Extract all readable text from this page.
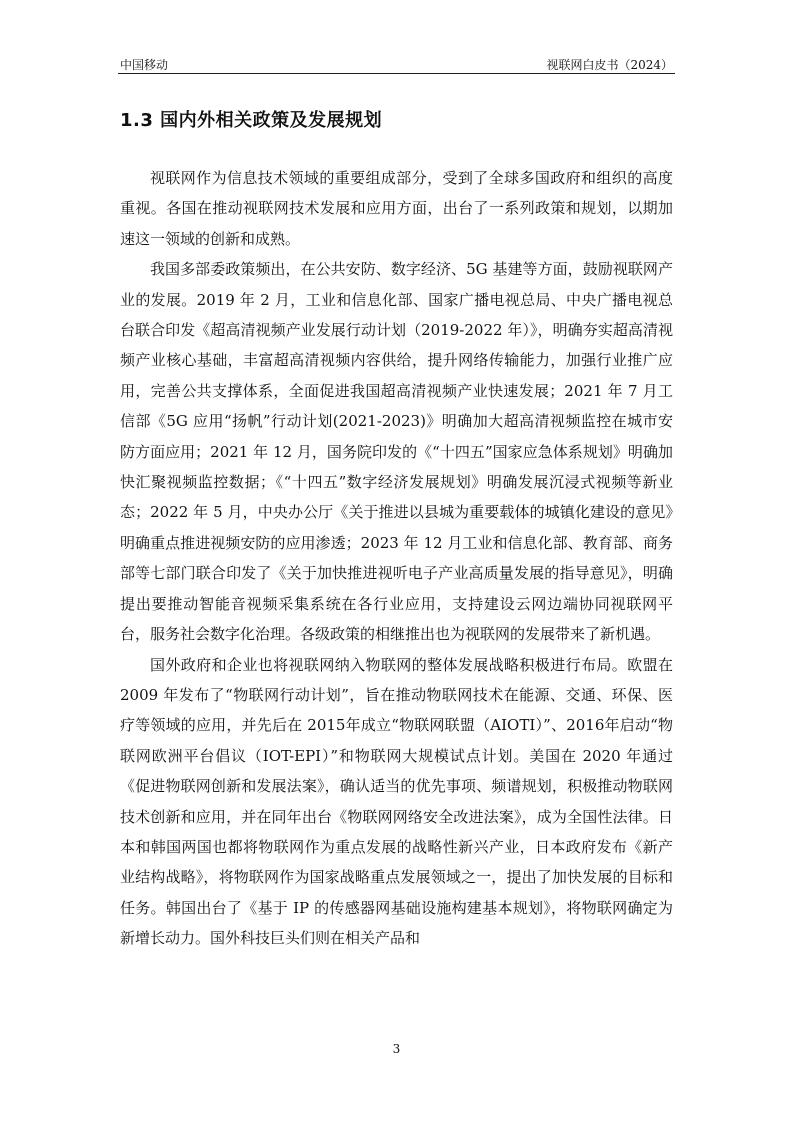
中国移动	视联网白皮书（2024）
1.3 国内外相关政策及发展规划

视联网作为信息技术领域的重要组成部分，受到了全球多国政府和组织的高度重视。各国在推动视联网技术发展和应用方面，出台了一系列政策和规划，以期加速这一领域的创新和成熟。

我国多部委政策频出，在公共安防、数字经济、5G 基建等方面，鼓励视联网产业的发展。2019 年 2 月，工业和信息化部、国家广播电视总局、中央广播电视总台联合印发《超高清视频产业发展行动计划（2019-2022 年）》，明确夯实超高清视频产业核心基础，丰富超高清视频内容供给，提升网络传输能力，加强行业推广应用，完善公共支撑体系，全面促进我国超高清视频产业快速发展；2021 年 7 月工信部《5G 应用“扬帆”行动计划(2021-2023)》明确加大超高清视频监控在城市安防方面应用；2021 年 12 月，国务院印发的《“十四五”国家应急体系规划》明确加快汇聚视频监控数据；《“十四五”数字经济发展规划》明确发展沉浸式视频等新业态；2022 年 5 月，中央办公厅《关于推进以县城为重要载体的城镇化建设的意见》明确重点推进视频安防的应用渗透；2023 年 12 月工业和信息化部、教育部、商务部等七部门联合印发了《关于加快推进视听电子产业高质量发展的指导意见》，明确提出要推动智能音视频采集系统在各行业应用，支持建设云网边端协同视联网平台，服务社会数字化治理。各级政策的相继推出也为视联网的发展带来了新机遇。

国外政府和企业也将视联网纳入物联网的整体发展战略积极进行布局。欧盟在 2009 年发布了“物联网行动计划”，旨在推动物联网技术在能源、交通、环保、医疗等领域的应用，并先后在 2015年成立“物联网联盟（AIOTI）”、2016年启动“物联网欧洲平台倡议（IOT-EPI）”和物联网大规模试点计划。美国在 2020 年通过《促进物联网创新和发展法案》，确认适当的优先事项、频谱规划，积极推动物联网技术创新和应用，并在同年出台《物联网网络安全改进法案》，成为全国性法律。日本和韩国两国也都将物联网作为重点发展的战略性新兴产业，日本政府发布《新产业结构战略》，将物联网作为国家战略重点发展领域之一，提出了加快发展的目标和任务。韩国出台了《基于 IP 的传感器网基础设施构建基本规划》，将物联网确定为新增长动力。国外科技巨头们则在相关产品和

3
